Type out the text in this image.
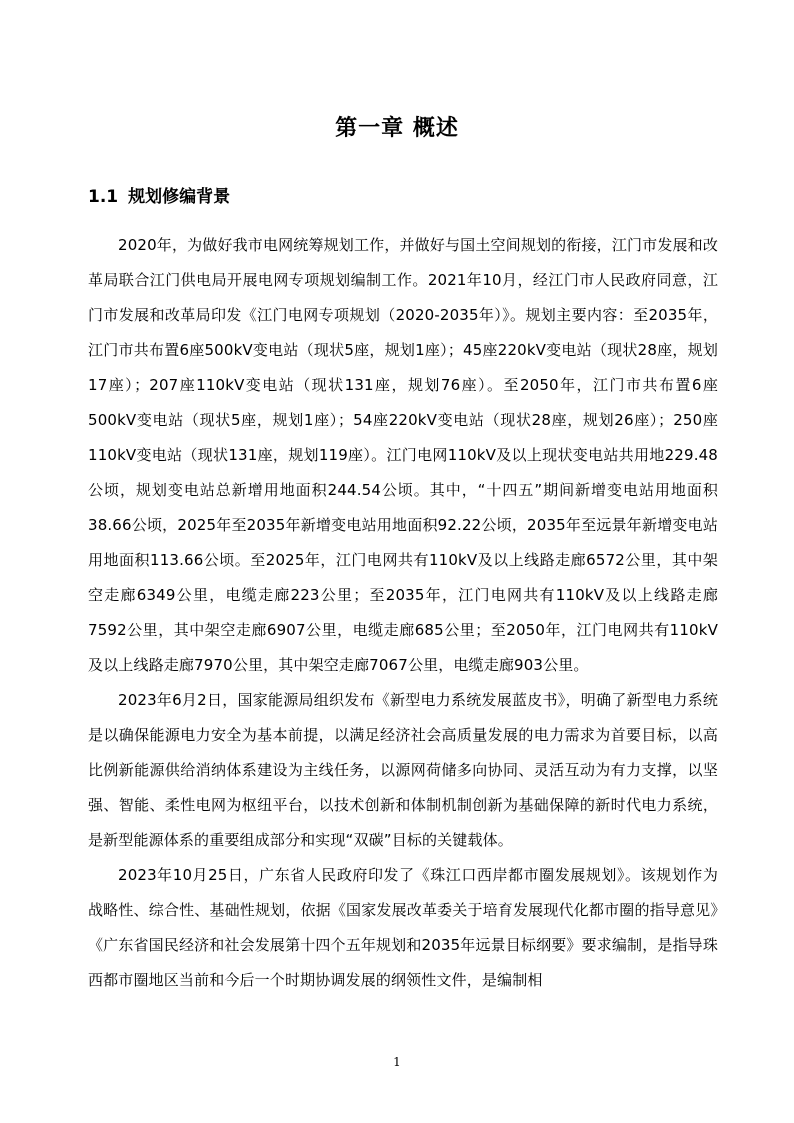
第一章 概述
1.1 规划修编背景

2020年，为做好我市电网统筹规划工作，并做好与国土空间规划的衔接，江门市发展和改革局联合江门供电局开展电网专项规划编制工作。2021年10月，经江门市人民政府同意，江门市发展和改革局印发《江门电网专项规划（2020-2035年）》。规划主要内容：至2035年，江门市共布置6座500kV变电站（现状5座，规划1座）；45座220kV变电站（现状28座，规划17座）；207座110kV变电站（现状131座，规划76座）。至2050年，江门市共布置6座500kV变电站（现状5座，规划1座）；54座220kV变电站（现状28座，规划26座）；250座110kV变电站（现状131座，规划119座）。江门电网110kV及以上现状变电站共用地229.48公顷，规划变电站总新增用地面积244.54公顷。其中，“十四五”期间新增变电站用地面积38.66公顷，2025年至2035年新增变电站用地面积92.22公顷，2035年至远景年新增变电站用地面积113.66公顷。至2025年，江门电网共有110kV及以上线路走廊6572公里，其中架空走廊6349公里，电缆走廊223公里；至2035年，江门电网共有110kV及以上线路走廊7592公里，其中架空走廊6907公里，电缆走廊685公里；至2050年，江门电网共有110kV及以上线路走廊7970公里，其中架空走廊7067公里，电缆走廊903公里。

2023年6月2日，国家能源局组织发布《新型电力系统发展蓝皮书》，明确了新型电力系统是以确保能源电力安全为基本前提，以满足经济社会高质量发展的电力需求为首要目标，以高比例新能源供给消纳体系建设为主线任务，以源网荷储多向协同、灵活互动为有力支撑，以坚强、智能、柔性电网为枢纽平台，以技术创新和体制机制创新为基础保障的新时代电力系统，是新型能源体系的重要组成部分和实现“双碳”目标的关键载体。

2023年10月25日，广东省人民政府印发了《珠江口西岸都市圈发展规划》。该规划作为战略性、综合性、基础性规划，依据《国家发展改革委关于培育发展现代化都市圈的指导意见》《广东省国民经济和社会发展第十四个五年规划和2035年远景目标纲要》要求编制，是指导珠西都市圈地区当前和今后一个时期协调发展的纲领性文件，是编制相

1
